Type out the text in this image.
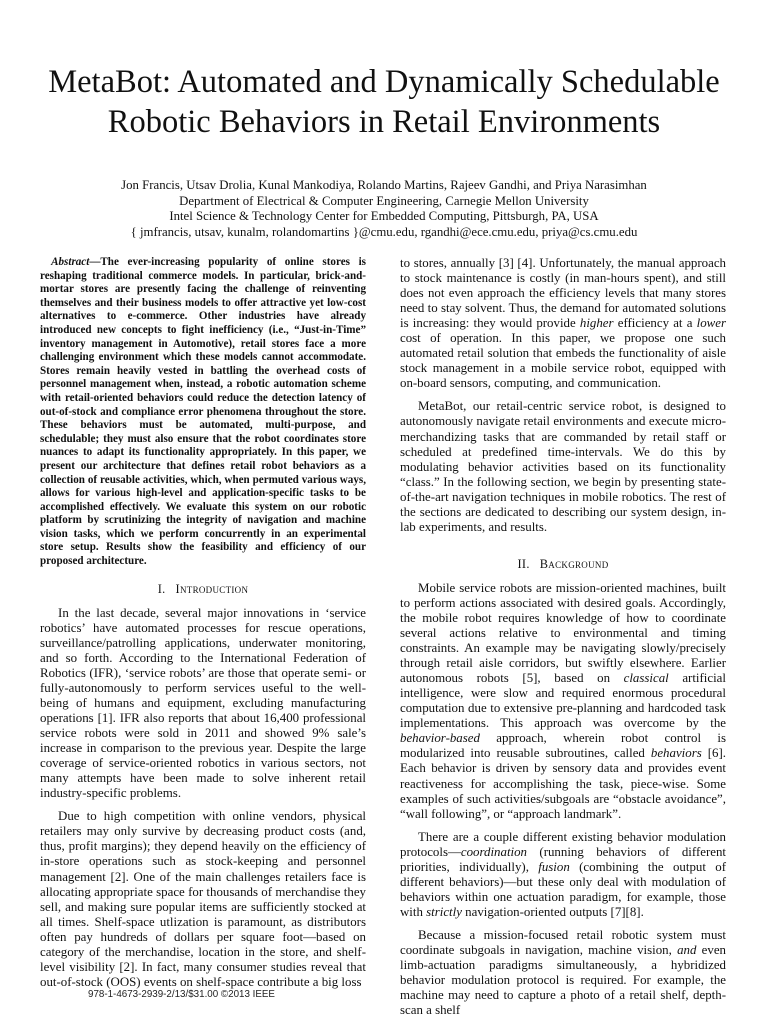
MetaBot: Automated and Dynamically Schedulable
Robotic Behaviors in Retail Environments
Jon Francis, Utsav Drolia, Kunal Mankodiya, Rolando Martins, Rajeev Gandhi, and Priya Narasimhan
Department of Electrical & Computer Engineering, Carnegie Mellon University
Intel Science & Technology Center for Embedded Computing, Pittsburgh, PA, USA
{ jmfrancis, utsav, kunalm, rolandomartins }@cmu.edu, rgandhi@ece.cmu.edu, priya@cs.cmu.edu

Abstract—The ever-increasing popularity of online stores is reshaping traditional commerce models. In particular, brick-and-mortar stores are presently facing the challenge of reinventing themselves and their business models to offer attractive yet low-cost alternatives to e-commerce. Other industries have already introduced new concepts to fight inefficiency (i.e., “Just-in-Time” inventory management in Automotive), retail stores face a more challenging environment which these models cannot accommodate. Stores remain heavily vested in battling the overhead costs of personnel management when, instead, a robotic automation scheme with retail-oriented behaviors could reduce the detection latency of out-of-stock and compliance error phenomena throughout the store. These behaviors must be automated, multi-purpose, and schedulable; they must also ensure that the robot coordinates store nuances to adapt its functionality appropriately. In this paper, we present our architecture that defines retail robot behaviors as a collection of reusable activities, which, when permuted various ways, allows for various high-level and application-specific tasks to be accomplished effectively. We evaluate this system on our robotic platform by scrutinizing the integrity of navigation and machine vision tasks, which we perform concurrently in an experimental store setup. Results show the feasibility and efficiency of our proposed architecture.

I. Introduction

In the last decade, several major innovations in ‘service robotics’ have automated processes for rescue operations, surveillance/patrolling applications, underwater monitoring, and so forth. According to the International Federation of Robotics (IFR), ‘service robots’ are those that operate semi- or fully-autonomously to perform services useful to the well-being of humans and equipment, excluding manufacturing operations [1]. IFR also reports that about 16,400 professional service robots were sold in 2011 and showed 9% sale’s increase in comparison to the previous year. Despite the large coverage of service-oriented robotics in various sectors, not many attempts have been made to solve inherent retail industry-specific problems.

Due to high competition with online vendors, physical retailers may only survive by decreasing product costs (and, thus, profit margins); they depend heavily on the efficiency of in-store operations such as stock-keeping and personnel management [2]. One of the main challenges retailers face is allocating appropriate space for thousands of merchandise they sell, and making sure popular items are sufficiently stocked at all times. Shelf-space utlization is paramount, as distributors often pay hundreds of dollars per square foot—based on category of the merchandise, location in the store, and shelf-level visibility [2]. In fact, many consumer studies reveal that out-of-stock (OOS) events on shelf-space contribute a big loss

to stores, annually [3] [4]. Unfortunately, the manual approach to stock maintenance is costly (in man-hours spent), and still does not even approach the efficiency levels that many stores need to stay solvent. Thus, the demand for automated solutions is increasing: they would provide higher efficiency at a lower cost of operation. In this paper, we propose one such automated retail solution that embeds the functionality of aisle stock management in a mobile service robot, equipped with on-board sensors, computing, and communication.

MetaBot, our retail-centric service robot, is designed to autonomously navigate retail environments and execute micro-merchandizing tasks that are commanded by retail staff or scheduled at predefined time-intervals. We do this by modulating behavior activities based on its functionality “class.” In the following section, we begin by presenting state-of-the-art navigation techniques in mobile robotics. The rest of the sections are dedicated to describing our system design, in-lab experiments, and results.

II. Background

Mobile service robots are mission-oriented machines, built to perform actions associated with desired goals. Accordingly, the mobile robot requires knowledge of how to coordinate several actions relative to environmental and timing constraints. An example may be navigating slowly/precisely through retail aisle corridors, but swiftly elsewhere. Earlier autonomous robots [5], based on classical artificial intelligence, were slow and required enormous procedural computation due to extensive pre-planning and hardcoded task implementations. This approach was overcome by the behavior-based approach, wherein robot control is modularized into reusable subroutines, called behaviors [6]. Each behavior is driven by sensory data and provides event reactiveness for accomplishing the task, piece-wise. Some examples of such activities/subgoals are “obstacle avoidance”, “wall following”, or “approach landmark”.

There are a couple different existing behavior modulation protocols—coordination (running behaviors of different priorities, individually), fusion (combining the output of different behaviors)—but these only deal with modulation of behaviors within one actuation paradigm, for example, those with strictly navigation-oriented outputs [7][8].

Because a mission-focused retail robotic system must coordinate subgoals in navigation, machine vision, and even limb-actuation paradigms simultaneously, a hybridized behavior modulation protocol is required. For example, the machine may need to capture a photo of a retail shelf, depth-scan a shelf

978-1-4673-2939-2/13/$31.00 ©2013 IEEE
